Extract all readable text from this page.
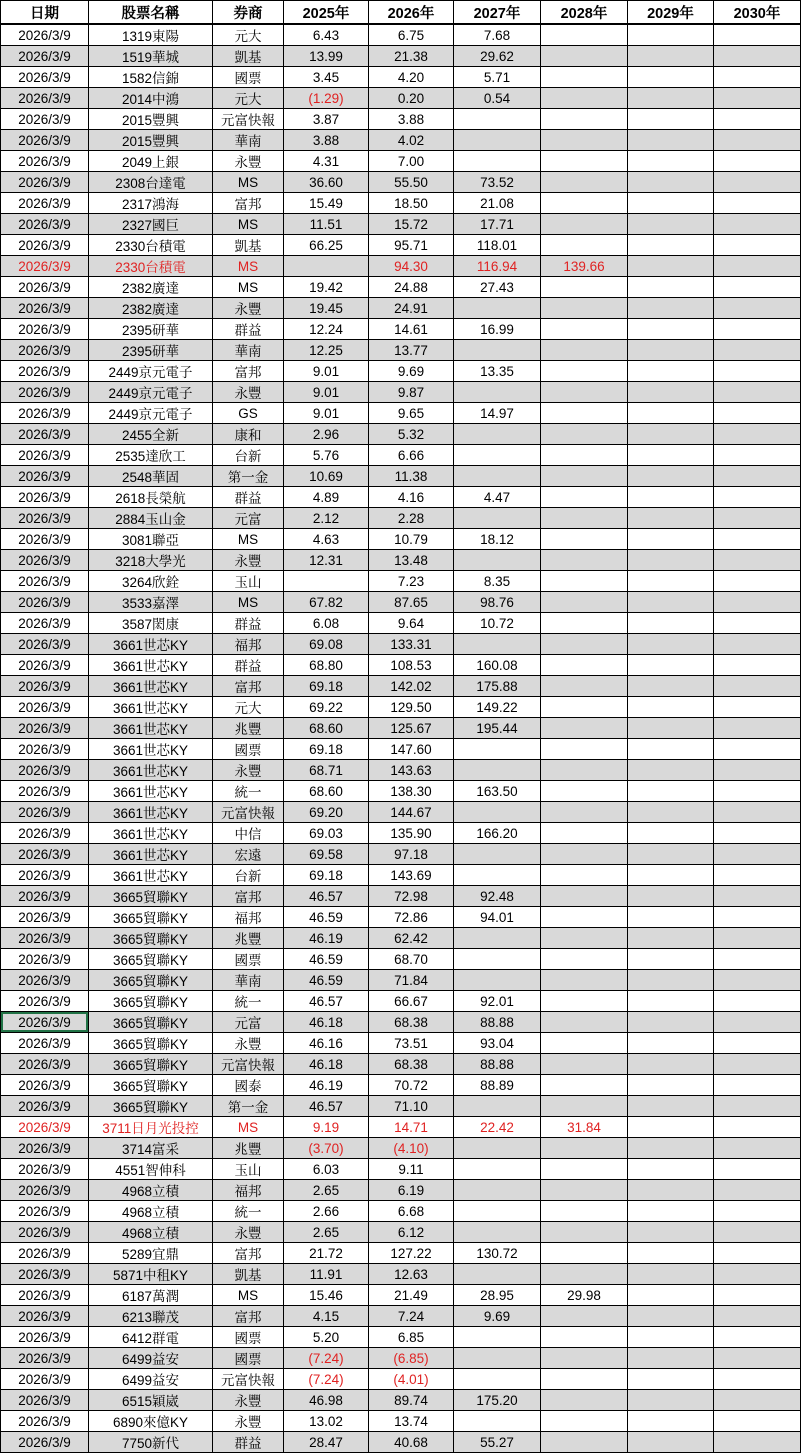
日期	股票名稱	券商	2025年	2026年	2027年	2028年	2029年	2030年
2026/3/9	1319東陽	元大	6.43	6.75	7.68			
2026/3/9	1519華城	凱基	13.99	21.38	29.62			
2026/3/9	1582信錦	國票	3.45	4.20	5.71			
2026/3/9	2014中鴻	元大	(1.29)	0.20	0.54			
2026/3/9	2015豐興	元富快報	3.87	3.88				
2026/3/9	2015豐興	華南	3.88	4.02				
2026/3/9	2049上銀	永豐	4.31	7.00				
2026/3/9	2308台達電	MS	36.60	55.50	73.52			
2026/3/9	2317鴻海	富邦	15.49	18.50	21.08			
2026/3/9	2327國巨	MS	11.51	15.72	17.71			
2026/3/9	2330台積電	凱基	66.25	95.71	118.01			
2026/3/9	2330台積電	MS		94.30	116.94	139.66		
2026/3/9	2382廣達	MS	19.42	24.88	27.43			
2026/3/9	2382廣達	永豐	19.45	24.91				
2026/3/9	2395研華	群益	12.24	14.61	16.99			
2026/3/9	2395研華	華南	12.25	13.77				
2026/3/9	2449京元電子	富邦	9.01	9.69	13.35			
2026/3/9	2449京元電子	永豐	9.01	9.87				
2026/3/9	2449京元電子	GS	9.01	9.65	14.97			
2026/3/9	2455全新	康和	2.96	5.32				
2026/3/9	2535達欣工	台新	5.76	6.66				
2026/3/9	2548華固	第一金	10.69	11.38				
2026/3/9	2618長榮航	群益	4.89	4.16	4.47			
2026/3/9	2884玉山金	元富	2.12	2.28				
2026/3/9	3081聯亞	MS	4.63	10.79	18.12			
2026/3/9	3218大學光	永豐	12.31	13.48				
2026/3/9	3264欣銓	玉山		7.23	8.35			
2026/3/9	3533嘉澤	MS	67.82	87.65	98.76			
2026/3/9	3587閎康	群益	6.08	9.64	10.72			
2026/3/9	3661世芯KY	福邦	69.08	133.31				
2026/3/9	3661世芯KY	群益	68.80	108.53	160.08			
2026/3/9	3661世芯KY	富邦	69.18	142.02	175.88			
2026/3/9	3661世芯KY	元大	69.22	129.50	149.22			
2026/3/9	3661世芯KY	兆豐	68.60	125.67	195.44			
2026/3/9	3661世芯KY	國票	69.18	147.60				
2026/3/9	3661世芯KY	永豐	68.71	143.63				
2026/3/9	3661世芯KY	統一	68.60	138.30	163.50			
2026/3/9	3661世芯KY	元富快報	69.20	144.67				
2026/3/9	3661世芯KY	中信	69.03	135.90	166.20			
2026/3/9	3661世芯KY	宏遠	69.58	97.18				
2026/3/9	3661世芯KY	台新	69.18	143.69				
2026/3/9	3665貿聯KY	富邦	46.57	72.98	92.48			
2026/3/9	3665貿聯KY	福邦	46.59	72.86	94.01			
2026/3/9	3665貿聯KY	兆豐	46.19	62.42				
2026/3/9	3665貿聯KY	國票	46.59	68.70				
2026/3/9	3665貿聯KY	華南	46.59	71.84				
2026/3/9	3665貿聯KY	統一	46.57	66.67	92.01			
2026/3/9	3665貿聯KY	元富	46.18	68.38	88.88			
2026/3/9	3665貿聯KY	永豐	46.16	73.51	93.04			
2026/3/9	3665貿聯KY	元富快報	46.18	68.38	88.88			
2026/3/9	3665貿聯KY	國泰	46.19	70.72	88.89			
2026/3/9	3665貿聯KY	第一金	46.57	71.10				
2026/3/9	3711日月光投控	MS	9.19	14.71	22.42	31.84		
2026/3/9	3714富采	兆豐	(3.70)	(4.10)				
2026/3/9	4551智伸科	玉山	6.03	9.11				
2026/3/9	4968立積	福邦	2.65	6.19				
2026/3/9	4968立積	統一	2.66	6.68				
2026/3/9	4968立積	永豐	2.65	6.12				
2026/3/9	5289宜鼎	富邦	21.72	127.22	130.72			
2026/3/9	5871中租KY	凱基	11.91	12.63				
2026/3/9	6187萬潤	MS	15.46	21.49	28.95	29.98		
2026/3/9	6213聯茂	富邦	4.15	7.24	9.69			
2026/3/9	6412群電	國票	5.20	6.85				
2026/3/9	6499益安	國票	(7.24)	(6.85)				
2026/3/9	6499益安	元富快報	(7.24)	(4.01)				
2026/3/9	6515穎崴	永豐	46.98	89.74	175.20			
2026/3/9	6890來億KY	永豐	13.02	13.74				
2026/3/9	7750新代	群益	28.47	40.68	55.27			
